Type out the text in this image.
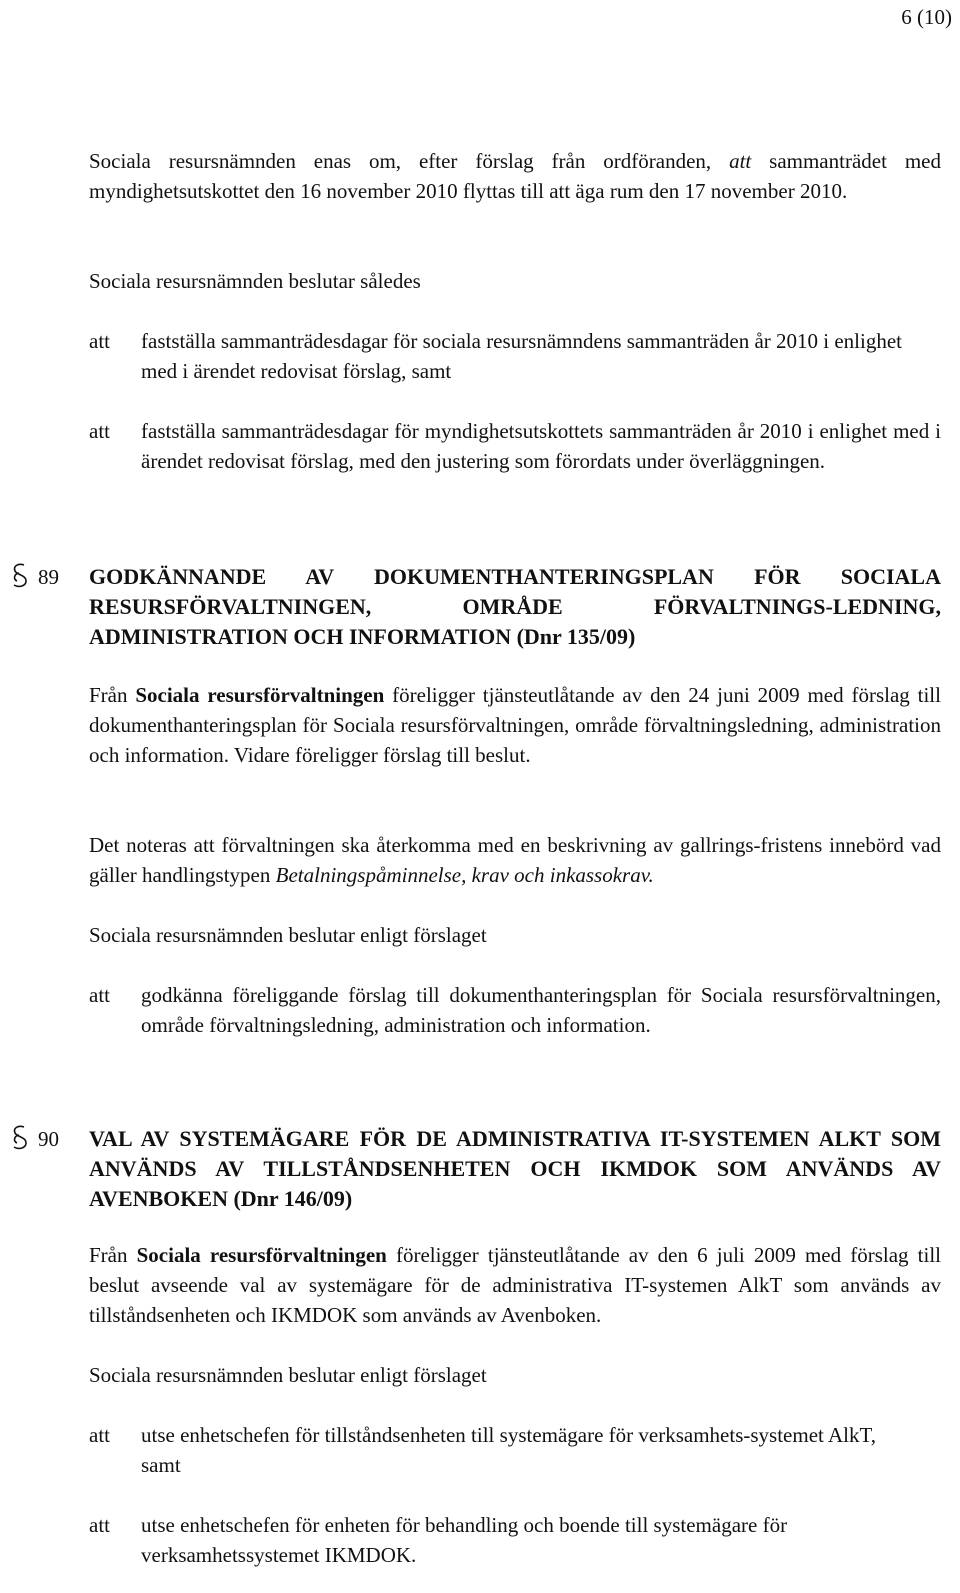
6 (10)
Sociala resursnämnden enas om, efter förslag från ordföranden, att sammanträdet med myndighetsutskottet den 16 november 2010 flyttas till att äga rum den 17 november 2010.
Sociala resursnämnden beslutar således
att	fastställa sammanträdesdagar för sociala resursnämndens sammanträden år 2010 i enlighet med i ärendet redovisat förslag, samt
att	fastställa sammanträdesdagar för myndighetsutskottets sammanträden år 2010 i enlighet med i ärendet redovisat förslag, med den justering som förordats under överläggningen.
89 GODKÄNNANDE AV DOKUMENTHANTERINGSPLAN FÖR SOCIALA RESURSFÖRVALTNINGEN, OMRÅDE FÖRVALTNINGS-LEDNING, ADMINISTRATION OCH INFORMATION (Dnr 135/09)
Från Sociala resursförvaltningen föreligger tjänsteutlåtande av den 24 juni 2009 med förslag till dokumenthanteringsplan för Sociala resursförvaltningen, område förvaltningsledning, administration och information. Vidare föreligger förslag till beslut.
Det noteras att förvaltningen ska återkomma med en beskrivning av gallrings-fristens innebörd vad gäller handlingstypen Betalningspåminnelse, krav och inkassokrav.
Sociala resursnämnden beslutar enligt förslaget
att	godkänna föreliggande förslag till dokumenthanteringsplan för Sociala resursförvaltningen, område förvaltningsledning, administration och information.
90 VAL AV SYSTEMÄGARE FÖR DE ADMINISTRATIVA IT-SYSTEMEN ALKT SOM ANVÄNDS AV TILLSTÅNDSENHETEN OCH IKMDOK SOM ANVÄNDS AV AVENBOKEN (Dnr 146/09)
Från Sociala resursförvaltningen föreligger tjänsteutlåtande av den 6 juli 2009 med förslag till beslut avseende val av systemägare för de administrativa IT-systemen AlkT som används av tillståndsenheten och IKMDOK som används av Avenboken.
Sociala resursnämnden beslutar enligt förslaget
att	utse enhetschefen för tillståndsenheten till systemägare för verksamhets-systemet AlkT, samt
att	utse enhetschefen för enheten för behandling och boende till systemägare för verksamhetssystemet IKMDOK.
